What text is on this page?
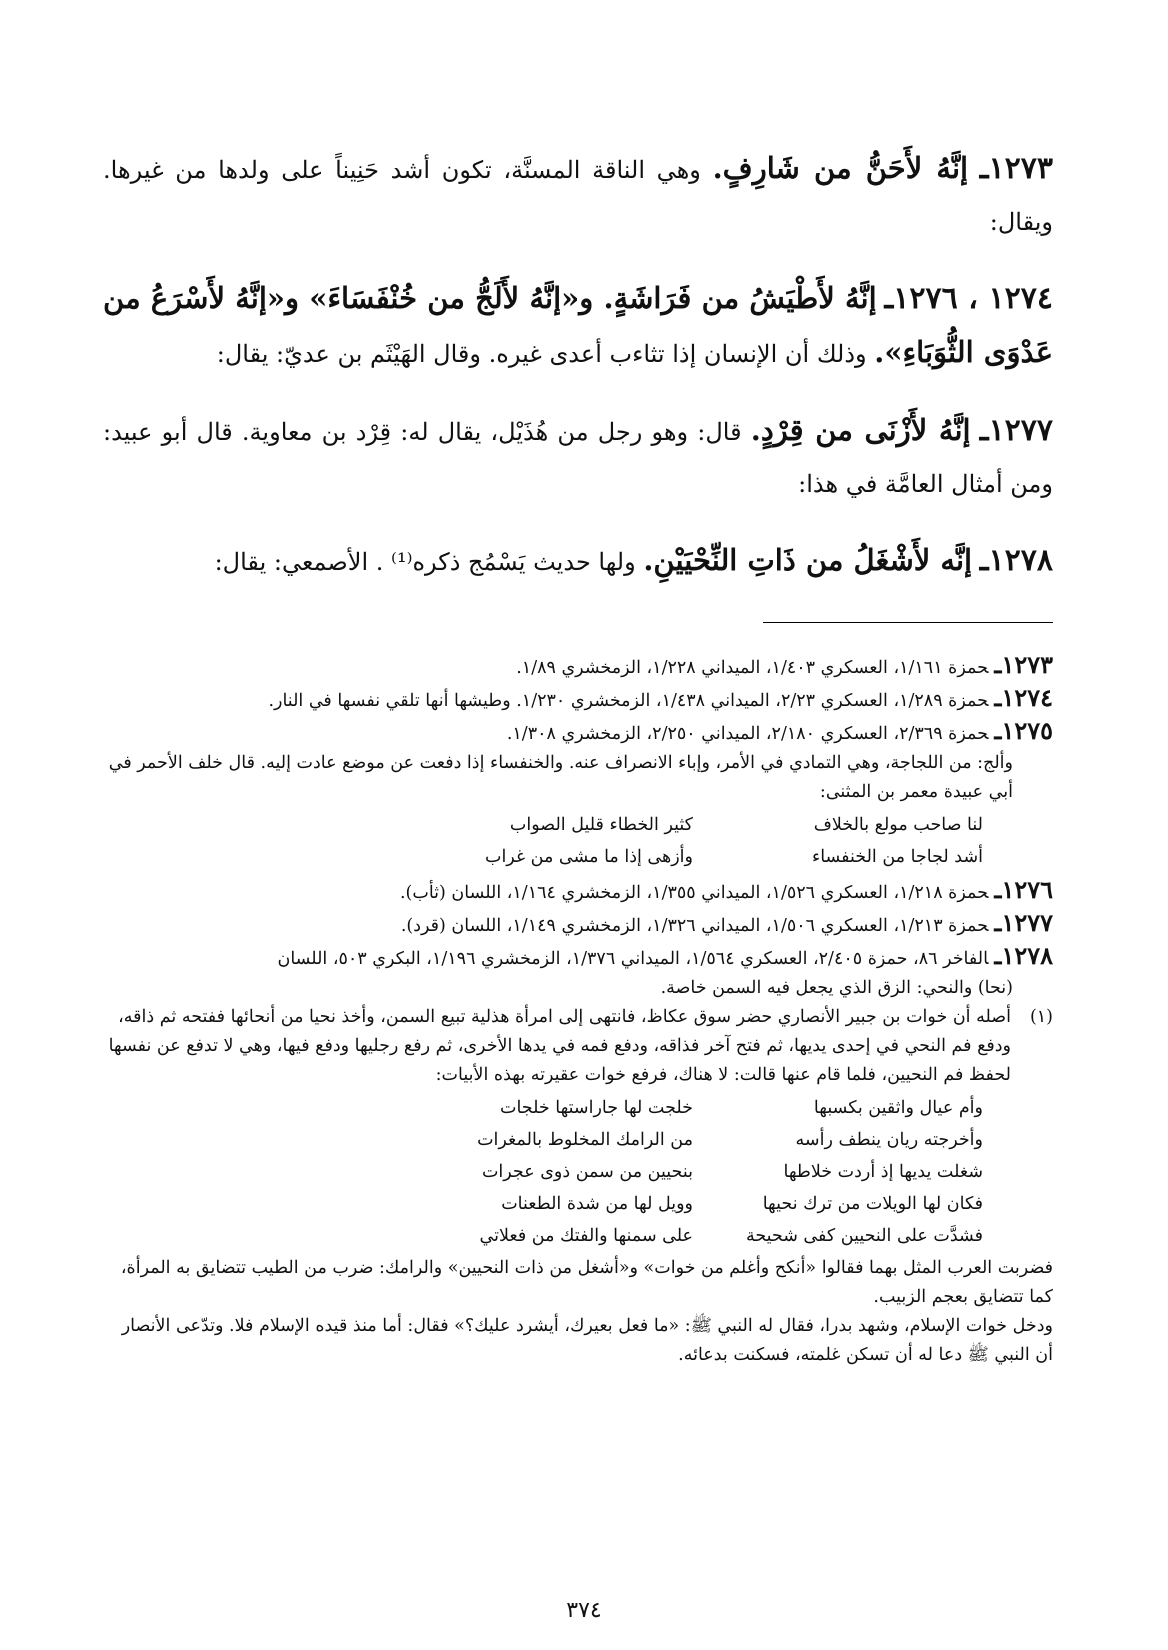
١٢٧٣ـ إنَّهُ لأَحَنُّ من شَارِفٍ. وهي الناقة المسنَّة، تكون أشد حَنِيناً على ولدها من غيرها. ويقال:

١٢٧٤ ، ١٢٧٦ـ إنَّهُ لأَطْيَشُ من فَرَاشَةٍ. و«إنَّهُ لأَلَجُّ من خُنْفَسَاءَ» و«إنَّهُ لأَسْرَعُ من عَدْوَى الثُّوَبَاءِ». وذلك أن الإنسان إذا تثاءب أعدى غيره. وقال الهَيْثَم بن عديّ: يقال:

١٢٧٧ـ إنَّهُ لأَزْنَى من قِرْدٍ. قال: وهو رجل من هُذَيْل، يقال له: قِرْد بن معاوية. قال أبو عبيد: ومن أمثال العامَّة في هذا:

١٢٧٨ـ إنَّه لأَشْغَلُ من ذَاتِ النِّحْيَيْنِ. ولها حديث يَسْمُج ذكره⁽¹⁾ . الأصمعي: يقال:

١٢٧٣ـحمزة ١/١٦١، العسكري ١/٤٠٣، الميداني ١/٢٢٨، الزمخشري ١/٨٩.

١٢٧٤ـحمزة ١/٢٨٩، العسكري ٢/٢٣، الميداني ١/٤٣٨، الزمخشري ١/٢٣٠. وطيشها أنها تلقي نفسها في النار.

١٢٧٥ـحمزة ٢/٣٦٩، العسكري ٢/١٨٠، الميداني ٢/٢٥٠، الزمخشري ١/٣٠٨.

وألج: من اللجاجة، وهي التمادي في الأمر، وإباء الانصراف عنه. والخنفساء إذا دفعت عن موضع عادت إليه. قال خلف الأحمر في أبي عبيدة معمر بن المثنى:

لنا صاحب مولع بالخلاف
كثير الخطاء قليل الصواب
أشد لجاجا من الخنفساء
وأزهى إذا ما مشى من غراب

١٢٧٦ـحمزة ١/٢١٨، العسكري ١/٥٢٦، الميداني ١/٣٥٥، الزمخشري ١/١٦٤، اللسان (ثأب).

١٢٧٧ـحمزة ١/٢١٣، العسكري ١/٥٠٦، الميداني ١/٣٢٦، الزمخشري ١/١٤٩، اللسان (قرد).

١٢٧٨ـالفاخر ٨٦، حمزة ٢/٤٠٥، العسكري ١/٥٦٤، الميداني ١/٣٧٦، الزمخشري ١/١٩٦، البكري ٥٠٣، اللسان

(نحا) والنحي: الزق الذي يجعل فيه السمن خاصة.

(١)

أصله أن خوات بن جبير الأنصاري حضر سوق عكاظ، فانتهى إلى امرأة هذلية تبيع السمن، وأخذ نحيا من أنحائها ففتحه ثم ذاقه، ودفع فم النحي في إحدى يديها، ثم فتح آخر فذاقه، ودفع فمه في يدها الأخرى، ثم رفع رجليها ودفع فيها، وهي لا تدفع عن نفسها لحفظ فم النحيين، فلما قام عنها قالت: لا هناك، فرفع خوات عقيرته بهذه الأبيات:

وأم عيال واثقين بكسبها
خلجت لها جاراستها خلجات
وأخرجته ريان ينطف رأسه
من الرامك المخلوط بالمغرات
شغلت يديها إذ أردت خلاطها
بنحيين من سمن ذوى عجرات
فكان لها الويلات من ترك نحيها
وويل لها من شدة الطعنات
فشدَّت على النحيين كفى شحيحة
على سمنها والفتك من فعلاتي

فضربت العرب المثل بهما فقالوا «أنكح وأغلم من خوات» و«أشغل من ذات النحيين» والرامك: ضرب من الطيب تتضايق به المرأة، كما تتضايق بعجم الزبيب.

ودخل خوات الإسلام، وشهد بدرا، فقال له النبي ﷺ: «ما فعل بعيرك، أيشرد عليك؟» فقال: أما منذ قيده الإسلام فلا. وتدّعى الأنصار أن النبي ﷺ دعا له أن تسكن غلمته، فسكنت بدعائه.

٣٧٤
